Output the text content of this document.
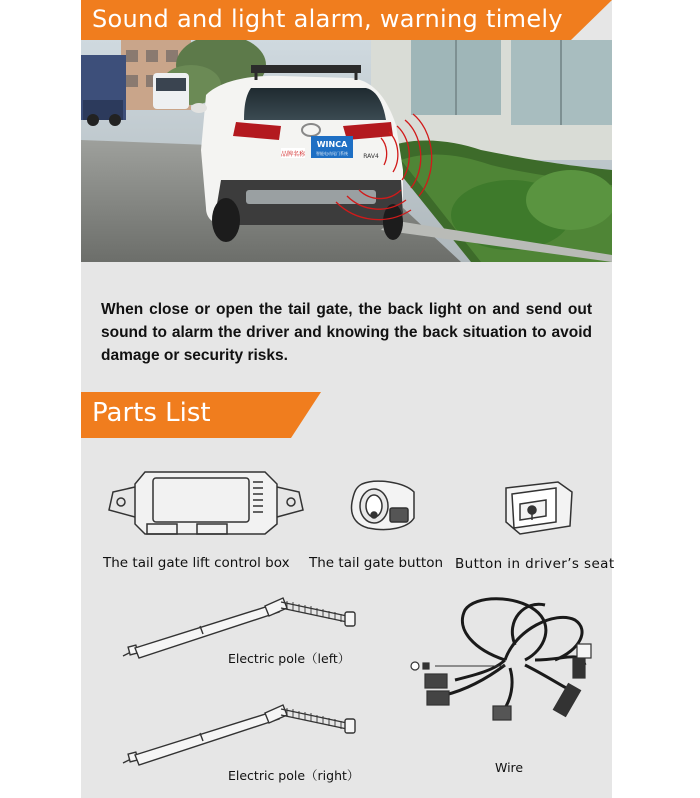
Sound and light alarm, warning timely
WINCA
智能电动尾门系统
品牌名称	RAV4
When close or open the tail gate, the back light on and send out sound to alarm the driver and knowing the back situation to avoid damage or security risks.
Parts List
The tail gate lift control box The tail gate button Button in driver’s seat
Electric pole（left）
Electric pole（right）
Wire
